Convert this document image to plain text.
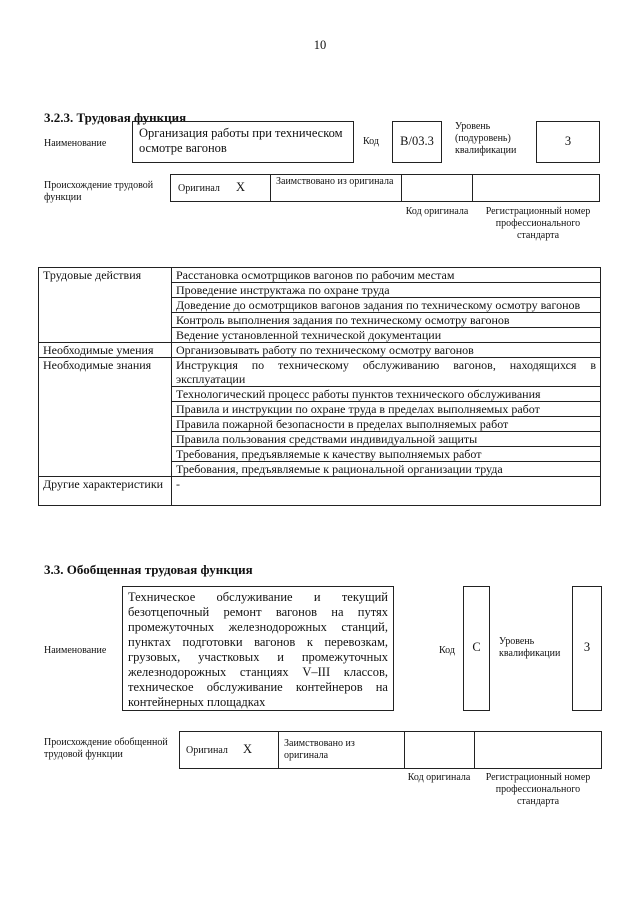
10
3.2.3. Трудовая функция
Наименование
Организация работы при техническом осмотре вагонов	Код	B/03.3
Уровень (подуровень) квалификации
3
Происхождение трудовой функции
Оригинал X	Заимствовано из оригинала
Код оригинала	Регистрационный номер профессионального стандарта
Трудовые действия	Расстановка осмотрщиков вагонов по рабочим местам
	Проведение инструктажа по охране труда
	Доведение до осмотрщиков вагонов задания по техническому осмотру вагонов
	Контроль выполнения задания по техническому осмотру вагонов
	Ведение установленной технической документации
Необходимые умения	Организовывать работу по техническому осмотру вагонов
Необходимые знания	Инструкция по техническому обслуживанию вагонов, находящихся в эксплуатации
	Технологический процесс работы пунктов технического обслуживания
	Правила и инструкции по охране труда в пределах выполняемых работ
	Правила пожарной безопасности в пределах выполняемых работ
	Правила пользования средствами индивидуальной защиты
	Требования, предъявляемые к качеству выполняемых работ
	Требования, предъявляемые к рациональной организации труда
Другие характеристики	-
3.3. Обобщенная трудовая функция
Наименование
Техническое обслуживание и текущий безотцепочный ремонт вагонов на путях промежуточных железнодорожных станций, пунктах подготовки вагонов к перевозкам, грузовых, участковых и промежуточных железнодорожных станциях V–III классов, техническое обслуживание контейнеров на контейнерных площадках
Код	C	Уровень квалификации	3
Происхождение обобщенной трудовой функции	Оригинал X	Заимствовано из оригинала
Код оригинала	Регистрационный номер профессионального стандарта
